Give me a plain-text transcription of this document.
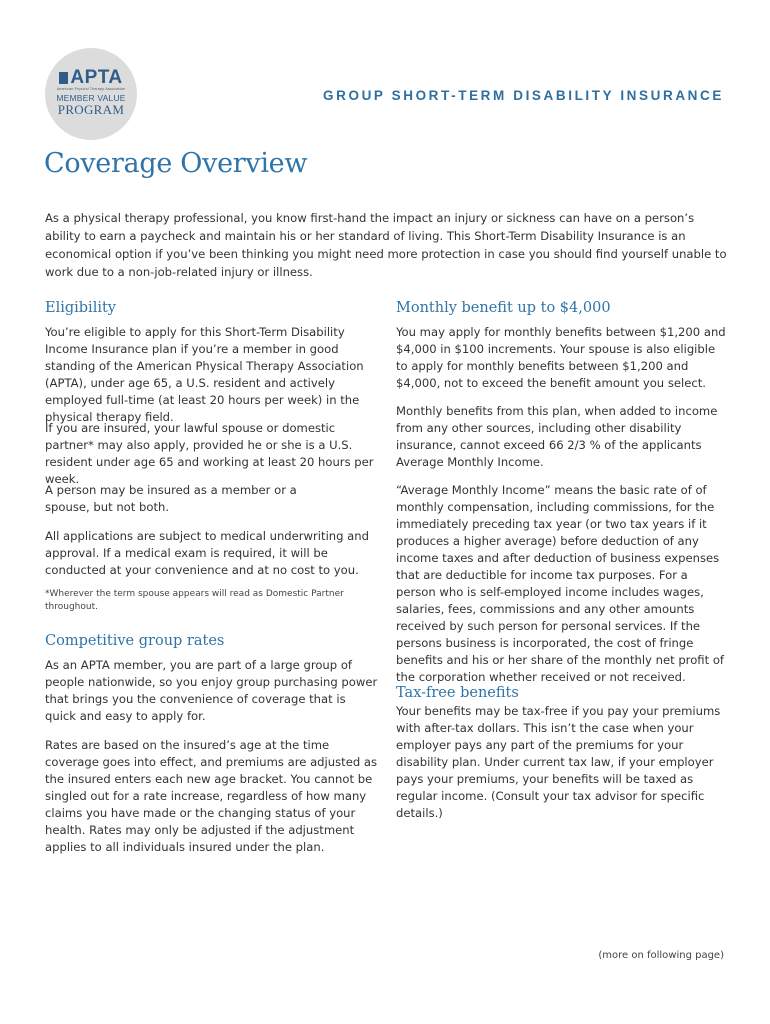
APTA
American Physical Therapy Association
MEMBER VALUE
PROGRAM
GROUP SHORT-TERM DISABILITY INSURANCE
Coverage Overview

As a physical therapy professional, you know first-hand the impact an injury or sickness can have on a person’s ability to earn a paycheck and maintain his or her standard of living. This Short-Term Disability Insurance is an economical option if you’ve been thinking you might need more protection in case you should find yourself unable to work due to a non-job-related injury or illness.

Eligibility

You’re eligible to apply for this Short-Term Disability Income Insurance plan if you’re a member in good standing of the American Physical Therapy Association (APTA), under age 65, a U.S. resident and actively employed full-time (at least 20 hours per week) in the physical therapy field.

If you are insured, your lawful spouse or domestic partner* may also apply, provided he or she is a U.S. resident under age 65 and working at least 20 hours per week.

A person may be insured as a member or a spouse, but not both.

All applications are subject to medical underwriting and approval. If a medical exam is required, it will be conducted at your convenience and at no cost to you.

*Wherever the term spouse appears will read as Domestic Partner throughout.

Competitive group rates

As an APTA member, you are part of a large group of people nationwide, so you enjoy group purchasing power that brings you the convenience of coverage that is quick and easy to apply for.

Rates are based on the insured’s age at the time coverage goes into effect, and premiums are adjusted as the insured enters each new age bracket. You cannot be singled out for a rate increase, regardless of how many claims you have made or the changing status of your health. Rates may only be adjusted if the adjustment applies to all individuals insured under the plan.

Monthly benefit up to $4,000

You may apply for monthly benefits between $1,200 and $4,000 in $100 increments. Your spouse is also eligible to apply for monthly benefits between $1,200 and $4,000, not to exceed the benefit amount you select.

Monthly benefits from this plan, when added to income from any other sources, including other disability insurance, cannot exceed 66 2/3 % of the applicants Average Monthly Income.

“Average Monthly Income” means the basic rate of of monthly compensation, including commissions, for the immediately preceding tax year (or two tax years if it produces a higher average) before deduction of any income taxes and after deduction of business expenses that are deductible for income tax purposes. For a person who is self-employed income includes wages, salaries, fees, commissions and any other amounts received by such person for personal services. If the persons business is incorporated, the cost of fringe benefits and his or her share of the monthly net profit of the corporation whether received or not received.

Tax-free benefits

Your benefits may be tax-free if you pay your premiums with after-tax dollars. This isn’t the case when your employer pays any part of the premiums for your disability plan. Under current tax law, if your employer pays your premiums, your benefits will be taxed as regular income. (Consult your tax advisor for specific details.)

(more on following page)
